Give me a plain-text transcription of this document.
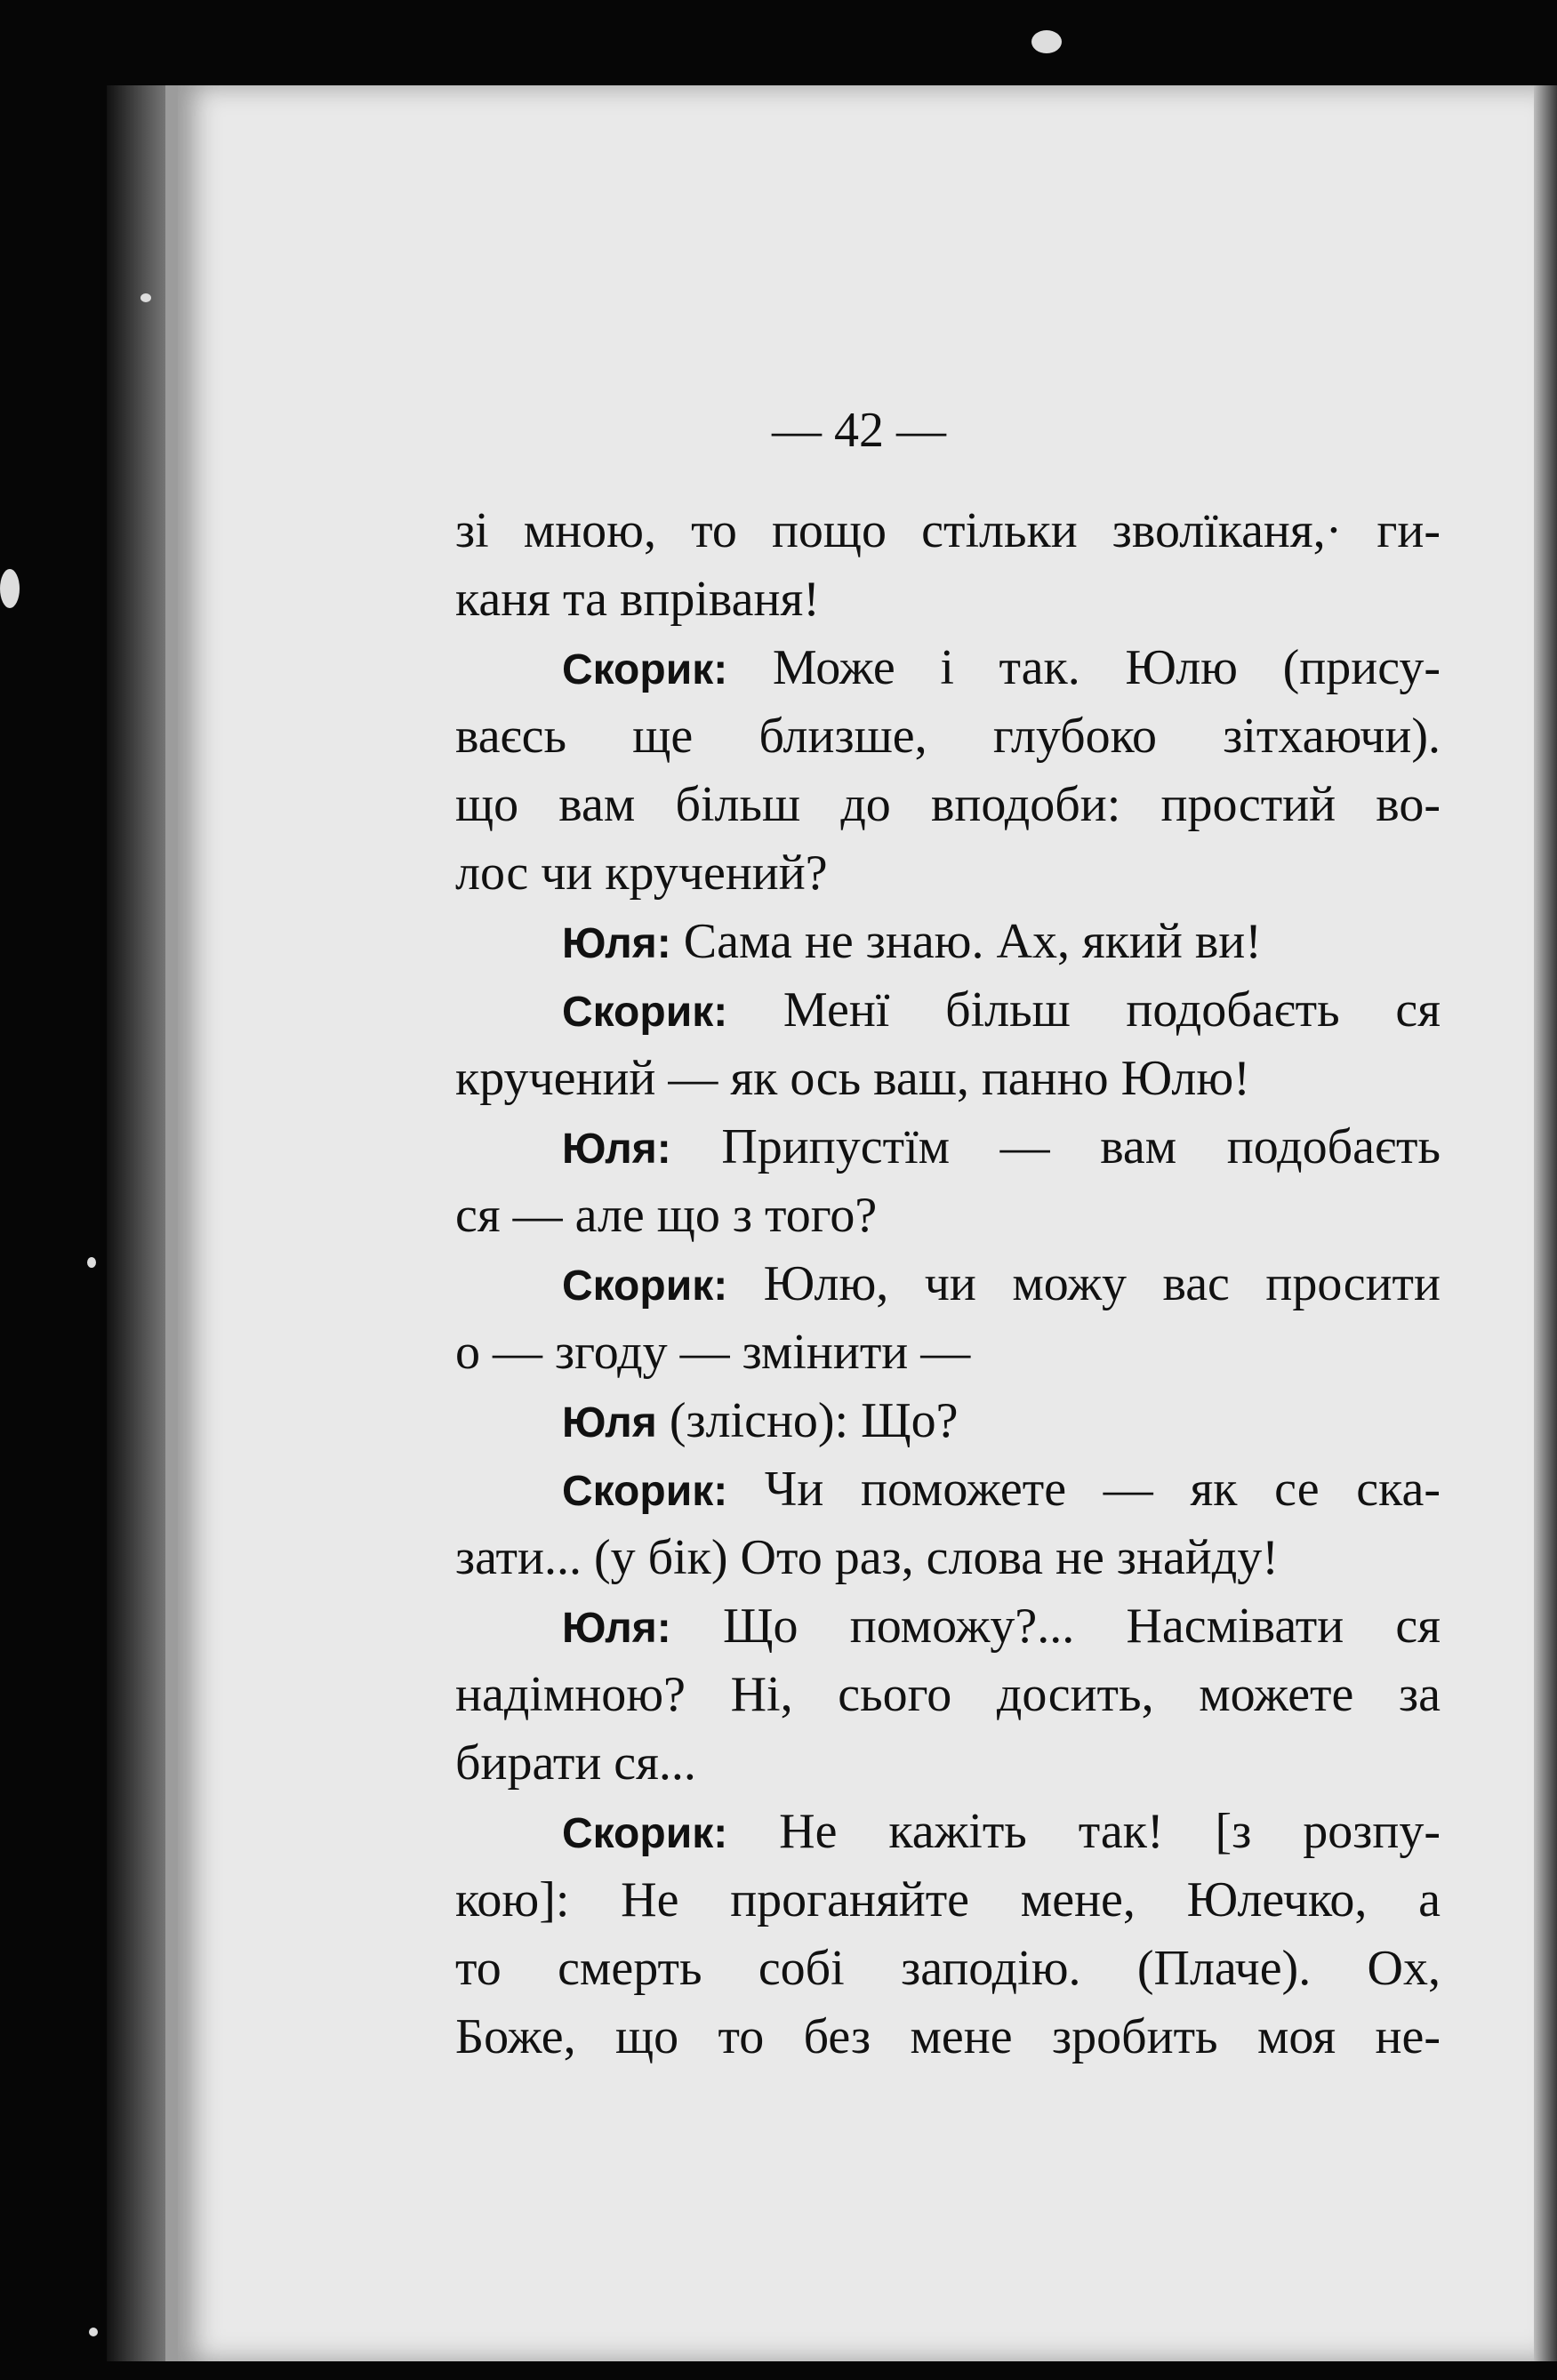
— 42 —
зі мною, то пощо стільки зволїканя,· ги-
каня та впріваня!
Скорик: Може і так. Юлю (прису-
ваєсь ще близше, глубоко зітхаючи).
що вам більш до вподоби: простий во-
лос чи кручений?
Юля: Сама не знаю. Ах, який ви!
Скорик: Менї більш подобаєть ся
кручений — як ось ваш, панно Юлю!
Юля: Припустїм — вам подобаєть
ся — але що з того?
Скорик: Юлю, чи можу вас просити
о — згоду — змінити —
Юля (злісно): Що?
Скорик: Чи поможете — як се ска-
зати... (у бік) Ото раз, слова не знайду!
Юля: Що поможу?... Насмівати ся
надімною? Ні, сього досить, можете за
бирати ся...
Скорик: Не кажіть так! [з розпу-
кою]: Не проганяйте мене, Юлечко, а
то смерть собі заподію. (Плаче). Ох,
Боже, що то без мене зробить моя не-
